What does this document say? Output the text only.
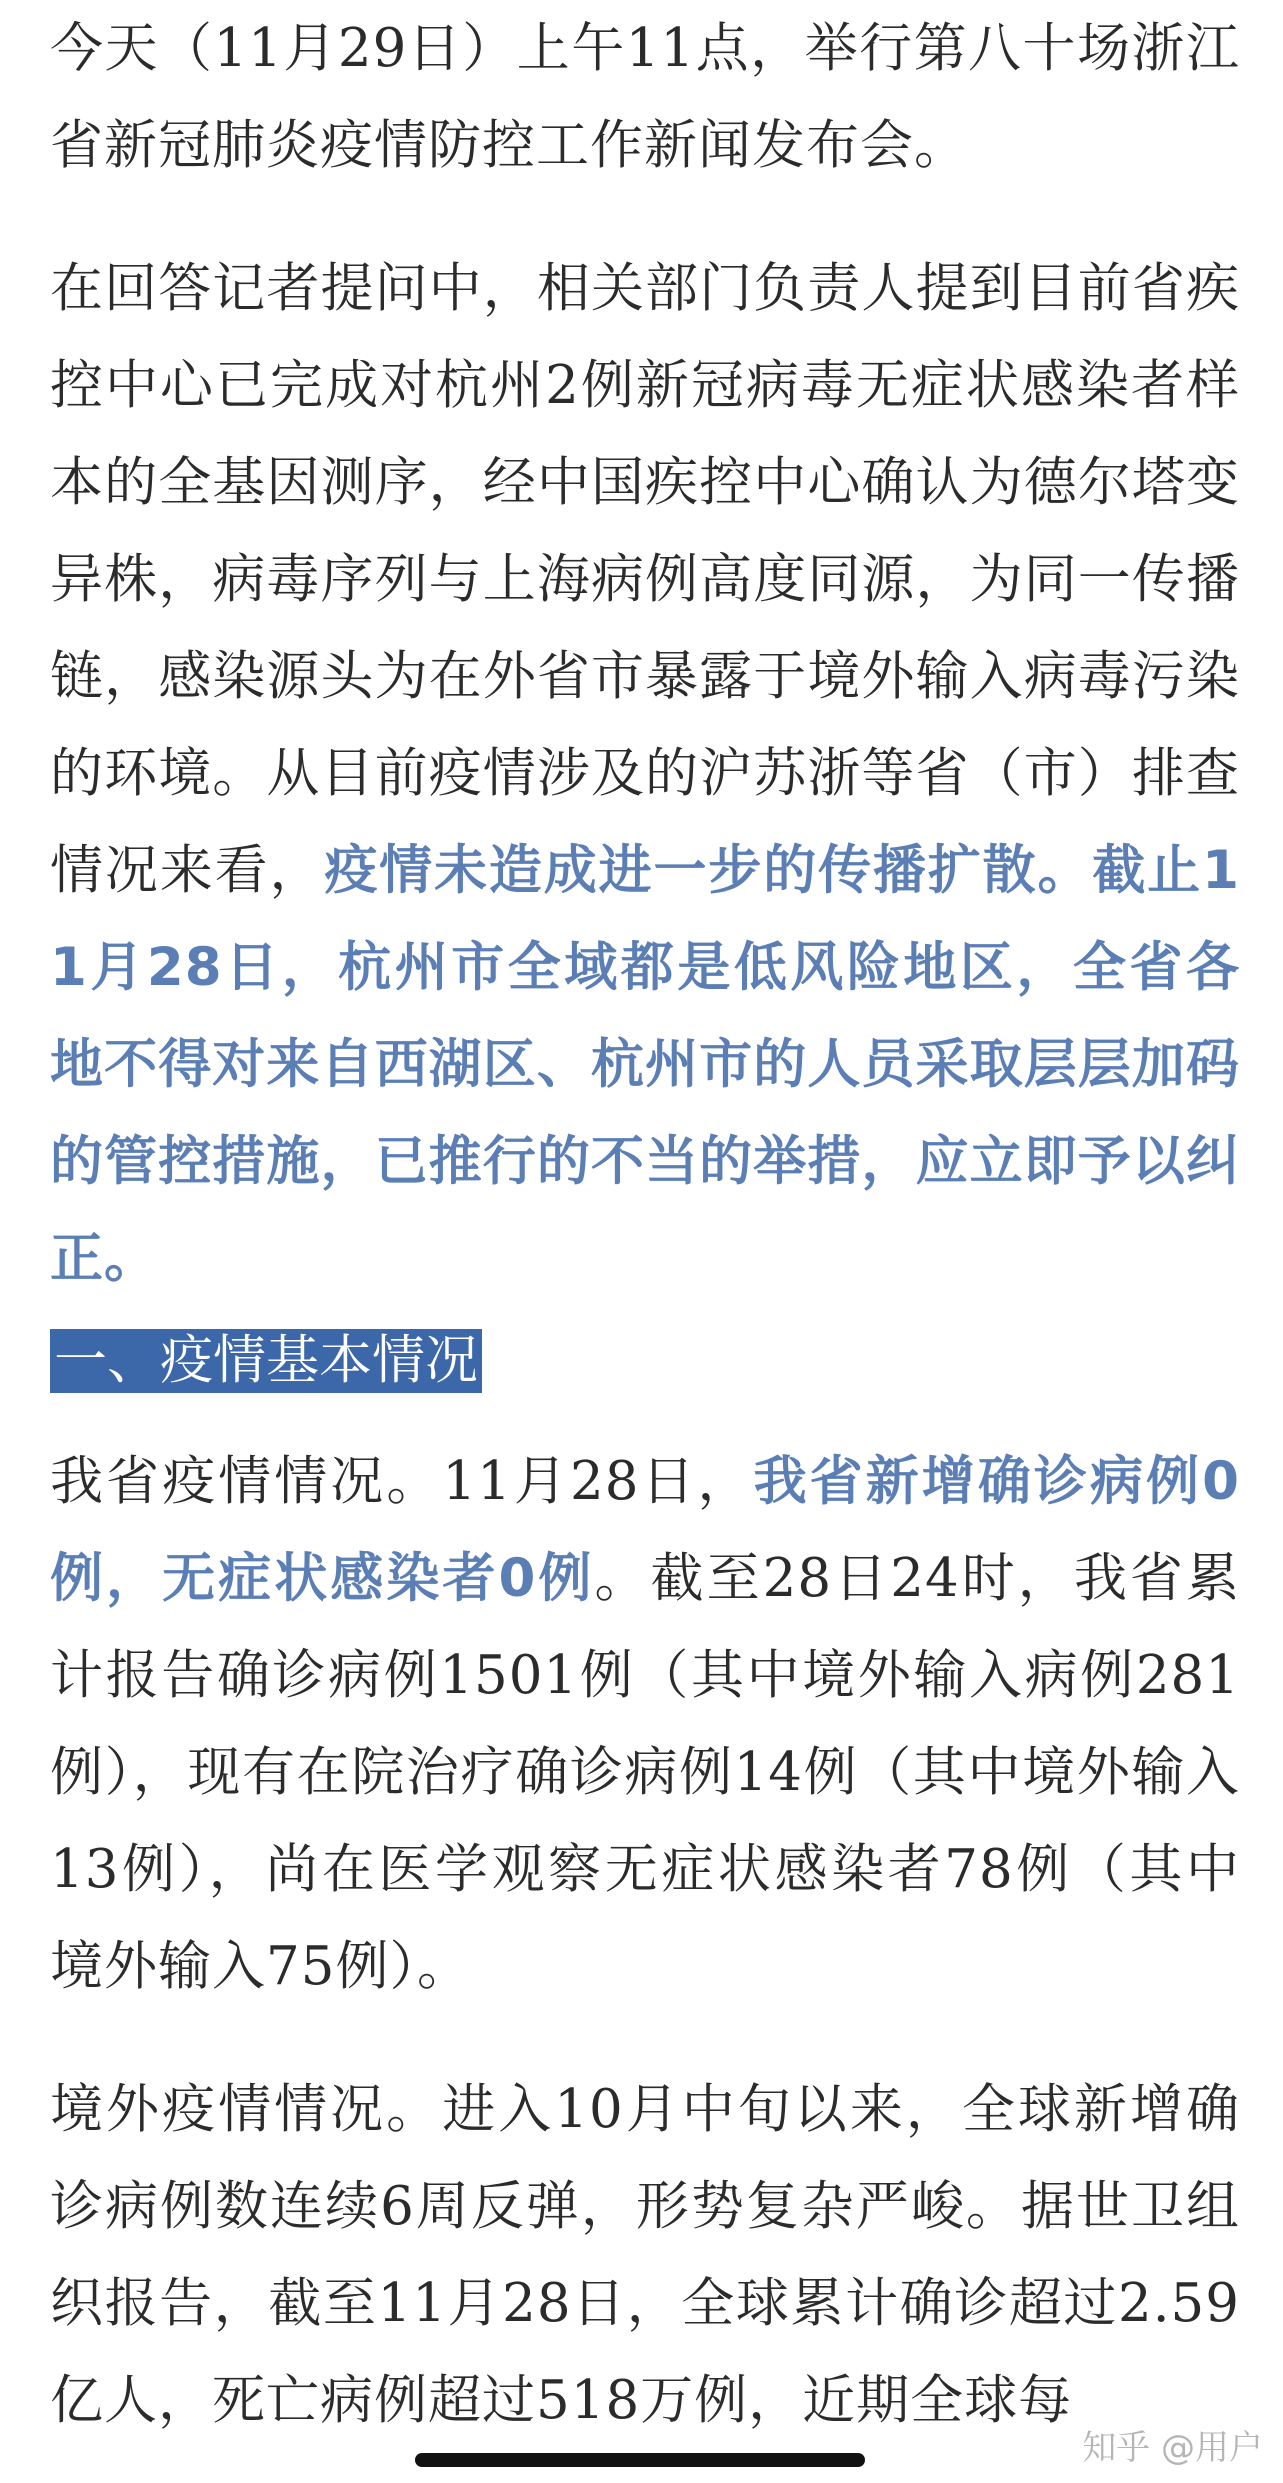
今天（11月29日）上午11点，举行第八十场浙江省新冠肺炎疫情防控工作新闻发布会。

在回答记者提问中，相关部门负责人提到目前省疾控中心已完成对杭州2例新冠病毒无症状感染者样本的全基因测序，经中国疾控中心确认为德尔塔变异株，病毒序列与上海病例高度同源，为同一传播链，感染源头为在外省市暴露于境外输入病毒污染的环境。从目前疫情涉及的沪苏浙等省（市）排查情况来看，疫情未造成进一步的传播扩散。截止11月28日，杭州市全域都是低风险地区，全省各地不得对来自西湖区、杭州市的人员采取层层加码的管控措施，已推行的不当的举措，应立即予以纠正。

一、疫情基本情况

我省疫情情况。11月28日，我省新增确诊病例0例，无症状感染者0例。截至28日24时，我省累计报告确诊病例1501例（其中境外输入病例281例），现有在院治疗确诊病例14例（其中境外输入13例），尚在医学观察无症状感染者78例（其中境外输入75例）。

境外疫情情况。进入10月中旬以来，全球新增确诊病例数连续6周反弹，形势复杂严峻。据世卫组织报告，截至11月28日，全球累计确诊超过2.59亿人，死亡病例超过518万例，近期全球每

知乎 @用户
